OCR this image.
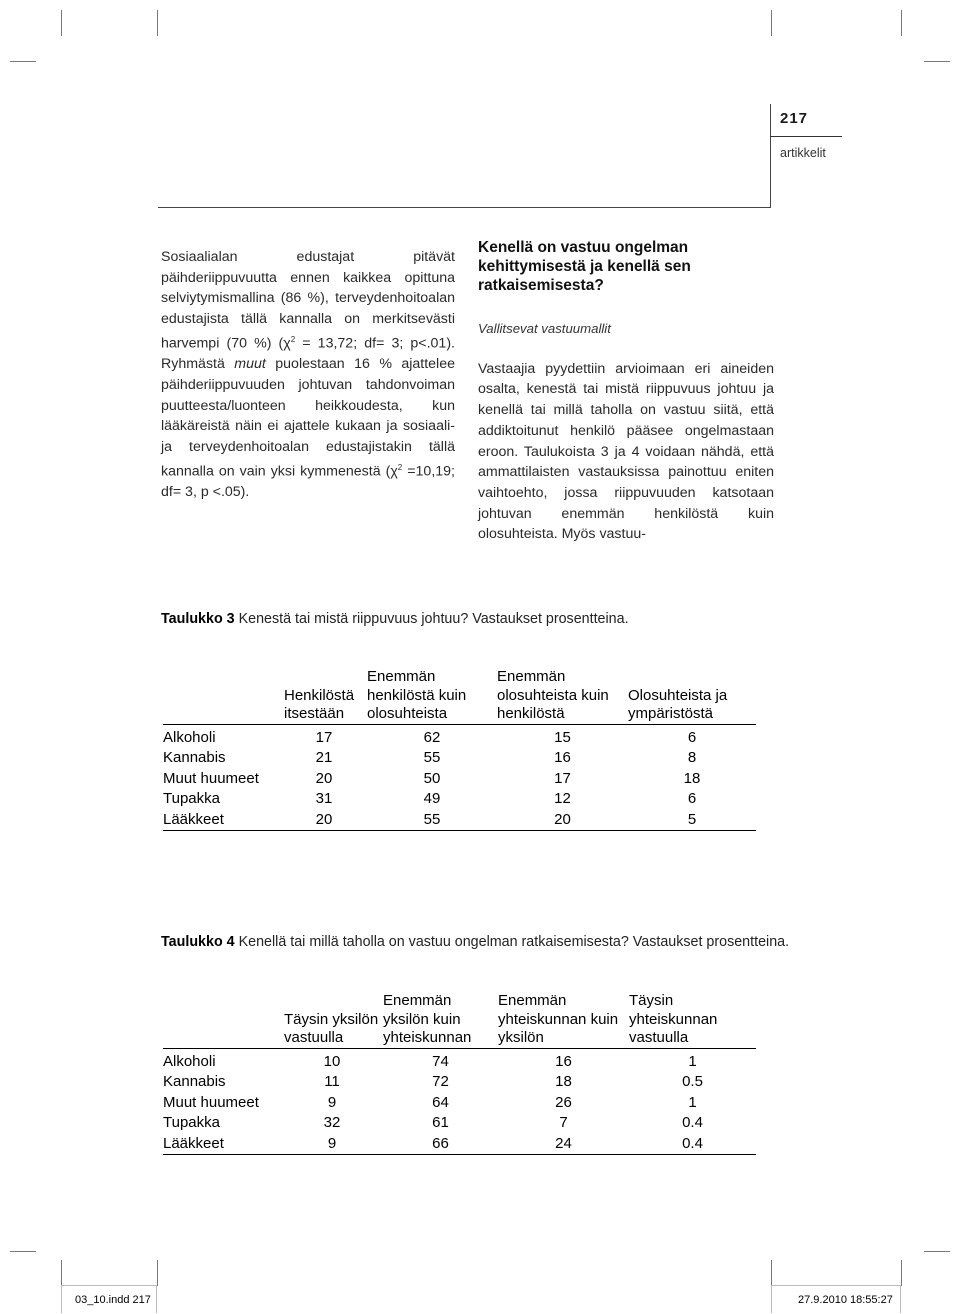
217
artikkelit

Sosiaalialan edustajat pitävät päihderiippuvuutta ennen kaikkea opittuna selviytymismallina (86 %), terveydenhoitoalan edustajista tällä kannalla on merkitsevästi harvempi (70 %) ($\chi^2 = 13,72$; df= 3; p<.01). Ryhmästä muut puolestaan 16 % ajattelee päihderiippuvuuden johtuvan tahdonvoiman puutteesta/luonteen heikkoudesta, kun lääkäreistä näin ei ajattele kukaan ja sosiaali- ja terveydenhoitoalan edustajistakin tällä kannalla on vain yksi kymmenestä ($\chi^2 =10,19$; df= 3, p <.05).

Kenellä on vastuu ongelman kehittymisestä ja kenellä sen ratkaisemisesta?

Vallitsevat vastuumallit

Vastaajia pyydettiin arvioimaan eri aineiden osalta, kenestä tai mistä riippuvuus johtuu ja kenellä tai millä taholla on vastuu siitä, että addiktoitunut henkilö pääsee ongelmastaan eroon. Taulukoista 3 ja 4 voidaan nähdä, että ammattilaisten vastauksissa painottuu eniten vaihtoehto, jossa riippuvuuden katsotaan johtuvan enemmän henkilöstä kuin olosuhteista. Myös vastuu-

Taulukko 3 Kenestä tai mistä riippuvuus johtuu? Vastaukset prosentteina.
	Henkilöstä itsestään	Enemmän henkilöstä kuin olosuhteista	Enemmän olosuhteista kuin henkilöstä	Olosuhteista ja ympäristöstä
Alkoholi	17	62	15	6
Kannabis	21	55	16	8
Muut huumeet	20	50	17	18
Tupakka	31	49	12	6
Lääkkeet	20	55	20	5
Taulukko 4 Kenellä tai millä taholla on vastuu ongelman ratkaisemisesta? Vastaukset prosentteina.
	Täysin yksilön vastuulla	Enemmän yksilön kuin yhteiskunnan	Enemmän yhteiskunnan kuin yksilön	Täysin yhteiskunnan vastuulla
Alkoholi	10	74	16	1
Kannabis	11	72	18	0.5
Muut huumeet	9	64	26	1
Tupakka	32	61	7	0.4
Lääkkeet	9	66	24	0.4
03_10.indd 217	27.9.2010 18:55:27
